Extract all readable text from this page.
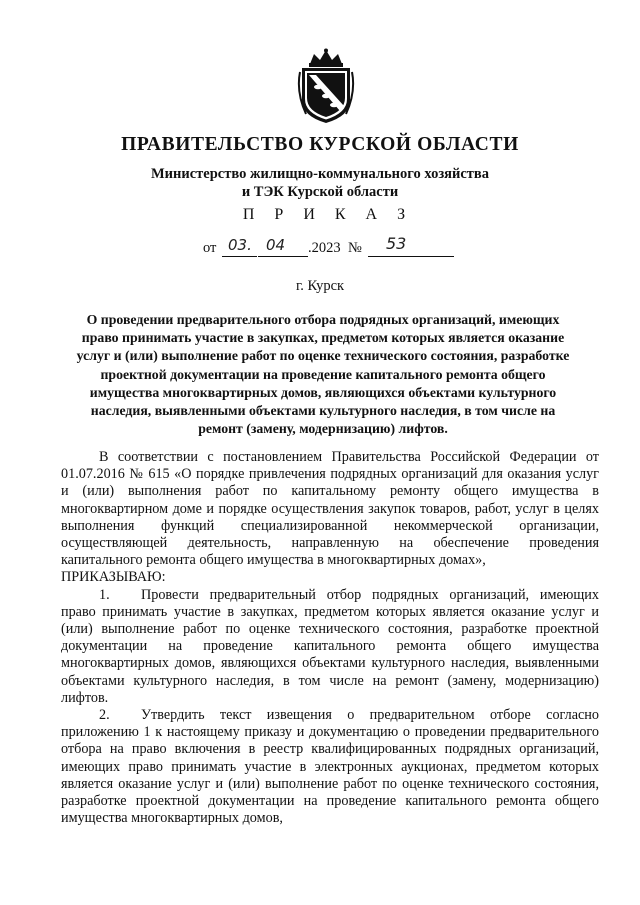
ПРАВИТЕЛЬСТВО КУРСКОЙ ОБЛАСТИ
Министерство жилищно-коммунального хозяйства
и ТЭК Курской области
П Р И К А З
от 03. 04 .2023 № 53
г. Курск
О проведении предварительного отбора подрядных организаций, имеющих право принимать участие в закупках, предметом которых является оказание услуг и (или) выполнение работ по оценке технического состояния, разработке проектной документации на проведение капитального ремонта общего имущества многоквартирных домов, являющихся объектами культурного наследия, выявленными объектами культурного наследия, в том числе на ремонт (замену, модернизацию) лифтов.

В соответствии с постановлением Правительства Российской Федерации от 01.07.2016 № 615 «О порядке привлечения подрядных организаций для оказания услуг и (или) выполнения работ по капитальному ремонту общего имущества в многоквартирном доме и порядке осуществления закупок товаров, работ, услуг в целях выполнения функций специализированной некоммерческой организации, осуществляющей деятельность, направленную на обеспечение проведения капитального ремонта общего имущества в многоквартирных домах»,

ПРИКАЗЫВАЮ:

1. Провести предварительный отбор подрядных организаций, имеющих право принимать участие в закупках, предметом которых является оказание услуг и (или) выполнение работ по оценке технического состояния, разработке проектной документации на проведение капитального ремонта общего имущества многоквартирных домов, являющихся объектами культурного наследия, выявленными объектами культурного наследия, в том числе на ремонт (замену, модернизацию) лифтов.

2. Утвердить текст извещения о предварительном отборе согласно приложению 1 к настоящему приказу и документацию о проведении предварительного отбора на право включения в реестр квалифицированных подрядных организаций, имеющих право принимать участие в электронных аукционах, предметом которых является оказание услуг и (или) выполнение работ по оценке технического состояния, разработке проектной документации на проведение капитального ремонта общего имущества многоквартирных домов,
